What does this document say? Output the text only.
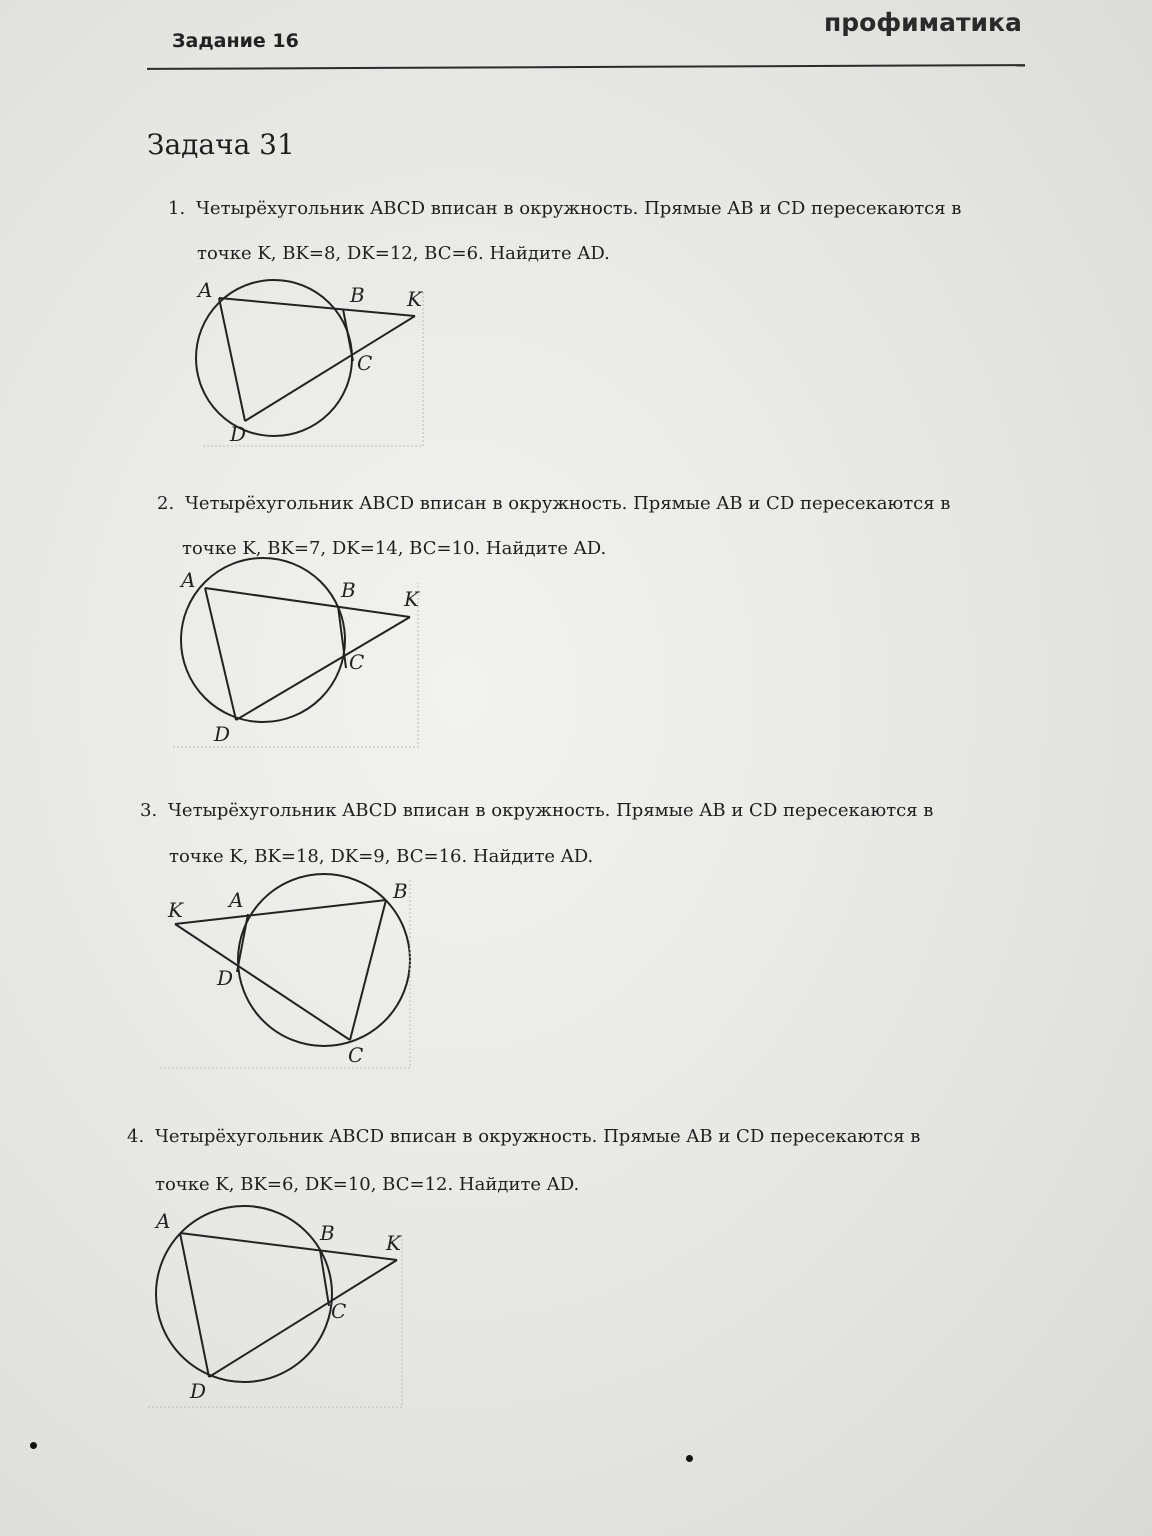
Задание 16
профиматика
Задача 31
1. Четырёхугольник ABCD вписан в окружность. Прямые AB и CD пересекаются в
точке K, BK=8, DK=12, BC=6. Найдите AD.
A	B K
C
D
2. Четырёхугольник ABCD вписан в окружность. Прямые AB и CD пересекаются в
точке K, BK=7, DK=14, BC=10. Найдите AD.
A	B K
C
D
3. Четырёхугольник ABCD вписан в окружность. Прямые AB и CD пересекаются в
точке K, BK=18, DK=9, BC=16. Найдите AD.
K A	B
D
C
4. Четырёхугольник ABCD вписан в окружность. Прямые AB и CD пересекаются в
точке K, BK=6, DK=10, BC=12. Найдите AD.
A	B	K
C
D
